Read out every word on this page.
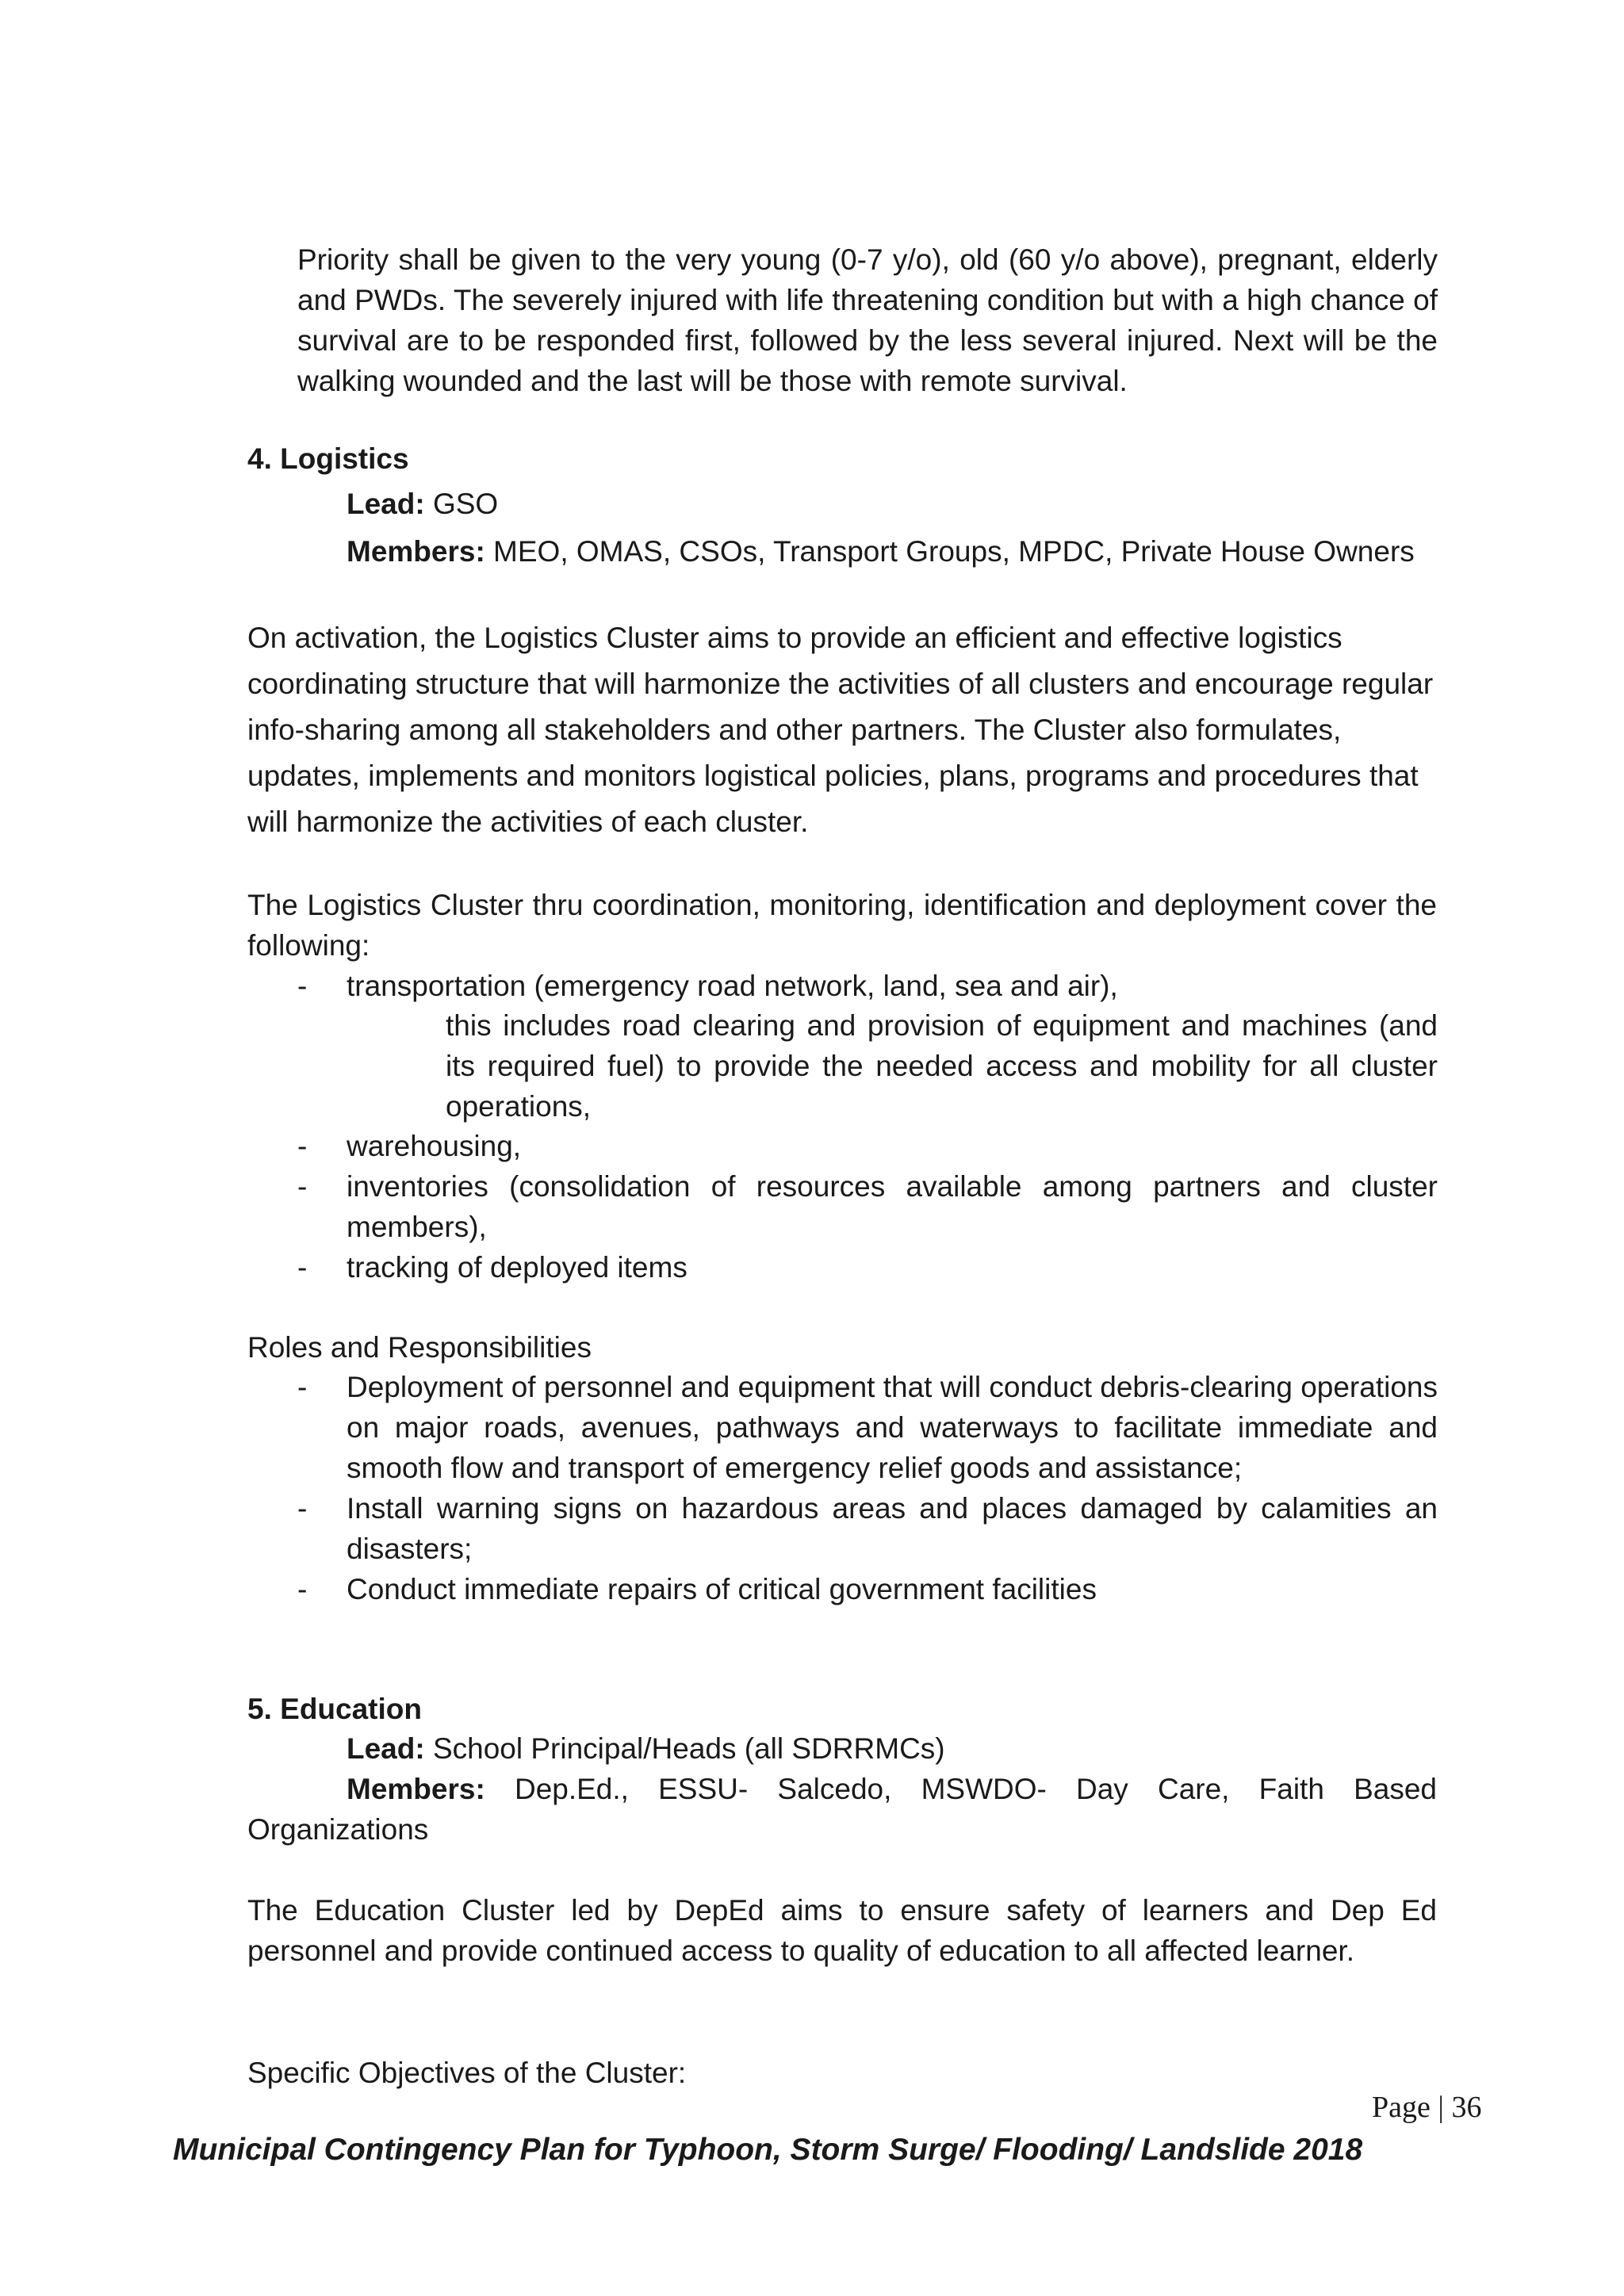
Priority shall be given to the very young (0-7 y/o), old (60 y/o above), pregnant, elderly and PWDs. The severely injured with life threatening condition but with a high chance of survival are to be responded first, followed by the less several injured. Next will be the walking wounded and the last will be those with remote survival.

4. Logistics
Lead: GSO
Members: MEO, OMAS, CSOs, Transport Groups, MPDC, Private House Owners

On activation, the Logistics Cluster aims to provide an efficient and effective logistics coordinating structure that will harmonize the activities of all clusters and encourage regular info-sharing among all stakeholders and other partners. The Cluster also formulates, updates, implements and monitors logistical policies, plans, programs and procedures that will harmonize the activities of each cluster.

The Logistics Cluster thru coordination, monitoring, identification and deployment cover the following:

- transportation (emergency road network, land, sea and air),

this includes road clearing and provision of equipment and machines (and its required fuel) to provide the needed access and mobility for all cluster operations,

- warehousing,
- inventories (consolidation of resources available among partners and cluster members),
- tracking of deployed items
Roles and Responsibilities
- Deployment of personnel and equipment that will conduct debris-clearing operations on major roads, avenues, pathways and waterways to facilitate immediate and smooth flow and transport of emergency relief goods and assistance;
- Install warning signs on hazardous areas and places damaged by calamities an disasters;
- Conduct immediate repairs of critical government facilities
5. Education
Lead: School Principal/Heads (all SDRRMCs)

Members: Dep.Ed., ESSU- Salcedo, MSWDO- Day Care, Faith Based Organizations

The Education Cluster led by DepEd aims to ensure safety of learners and Dep Ed personnel and provide continued access to quality of education to all affected learner.

Specific Objectives of the Cluster:
Page | 36
Municipal Contingency Plan for Typhoon, Storm Surge/ Flooding/ Landslide 2018
